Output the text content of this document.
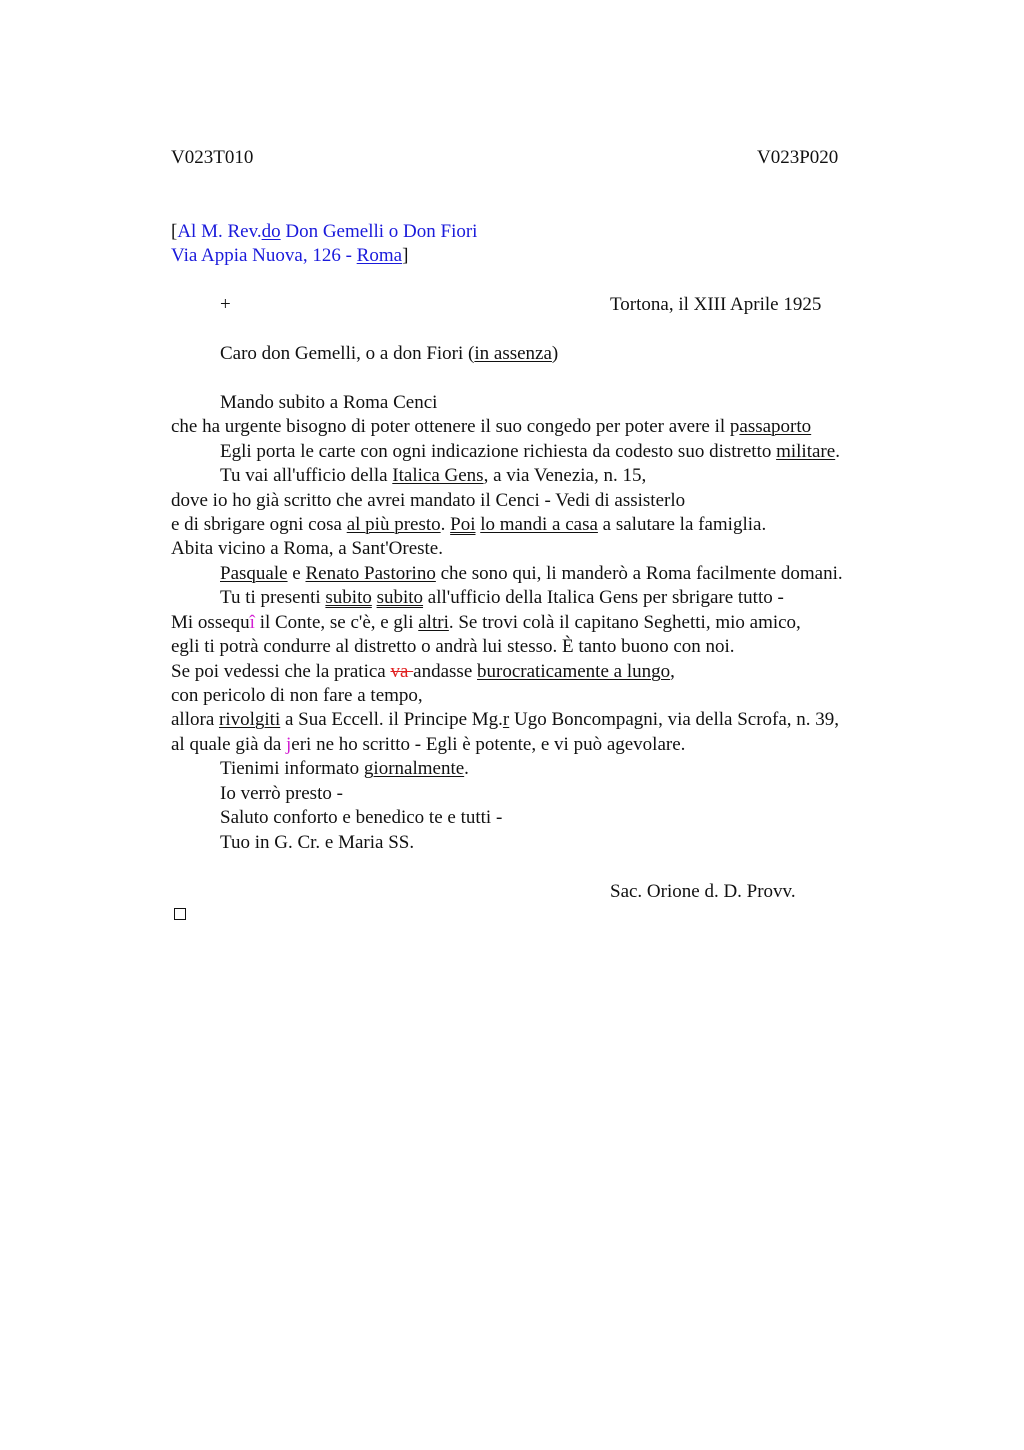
V023T010	V023P020
[Al M. Rev.do Don Gemelli o Don Fiori
Via Appia Nuova, 126 - Roma]
+	Tortona, il XIII Aprile 1925
Caro don Gemelli, o a don Fiori (in assenza)
Mando subito a Roma Cenci
che ha urgente bisogno di poter ottenere il suo congedo per poter avere il passaporto
Egli porta le carte con ogni indicazione richiesta da codesto suo distretto militare.
Tu vai all'ufficio della Italica Gens, a via Venezia, n. 15,
dove io ho già scritto che avrei mandato il Cenci - Vedi di assisterlo
e di sbrigare ogni cosa al più presto. Poi lo mandi a casa a salutare la famiglia.
Abita vicino a Roma, a Sant'Oreste.
Pasquale e Renato Pastorino che sono qui, li manderò a Roma facilmente domani.
Tu ti presenti subito subito all'ufficio della Italica Gens per sbrigare tutto -
Mi ossequî il Conte, se c'è, e gli altri. Se trovi colà il capitano Seghetti, mio amico,
egli ti potrà condurre al distretto o andrà lui stesso. È tanto buono con noi.
Se poi vedessi che la pratica va andasse burocraticamente a lungo,
con pericolo di non fare a tempo,
allora rivolgiti a Sua Eccell. il Principe Mg.r Ugo Boncompagni, via della Scrofa, n. 39,
al quale già da jeri ne ho scritto - Egli è potente, e vi può agevolare.
Tienimi informato giornalmente.
Io verrò presto -
Saluto conforto e benedico te e tutti -
Tuo in G. Cr. e Maria SS.
Sac. Orione d. D. Provv.
